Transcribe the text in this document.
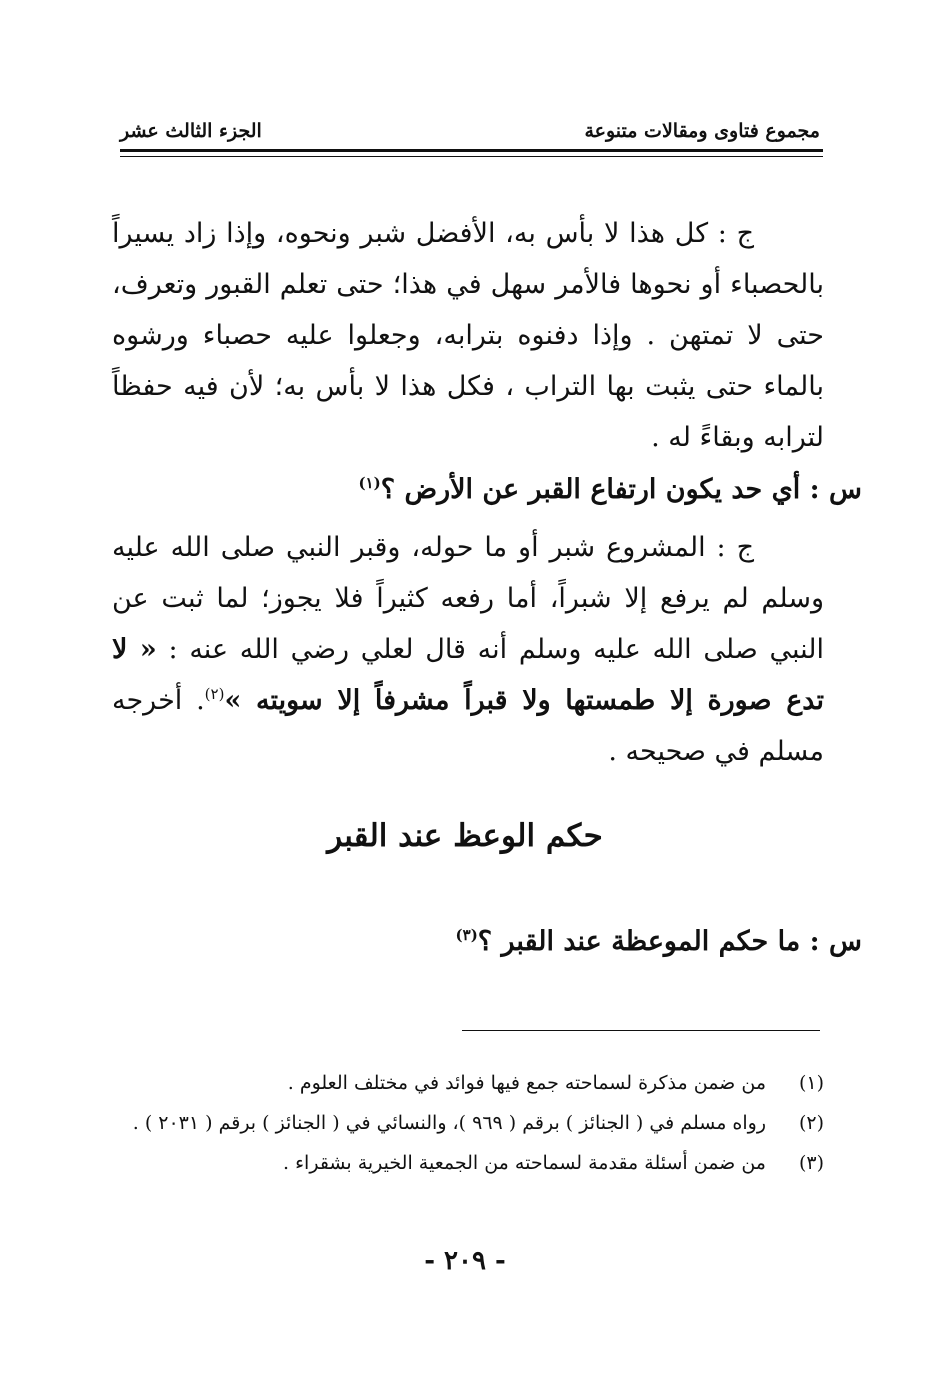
مجموع فتاوى ومقالات متنوعة
الجزء الثالث عشر

ج : كل هذا لا بأس به، الأفضل شبر ونحوه، وإذا زاد يسيراً بالحصباء أو نحوها فالأمر سهل في هذا؛ حتى تعلم القبور وتعرف، حتى لا تمتهن . وإذا دفنوه بترابه، وجعلوا عليه حصباء ورشوه بالماء حتى يثبت بها التراب ، فكل هذا لا بأس به؛ لأن فيه حفظاً لترابه وبقاءً له .

س : أي حد يكون ارتفاع القبر عن الأرض ؟$^{(١)}$

ج : المشروع شبر أو ما حوله، وقبر النبي صلى الله عليه وسلم لم يرفع إلا شبراً، أما رفعه كثيراً فلا يجوز؛ لما ثبت عن النبي صلى الله عليه وسلم أنه قال لعلي رضي الله عنه : « لا تدع صورة إلا طمستها ولا قبراً مشرفاً إلا سويته »$^{(٢)}$. أخرجه مسلم في صحيحه .

حكم الوعظ عند القبر
س : ما حكم الموعظة عند القبر ؟$^{(٣)}$
(١)
من ضمن مذكرة لسماحته جمع فيها فوائد في مختلف العلوم .
(٢)
رواه مسلم في ( الجنائز ) برقم ( ٩٦٩ )، والنسائي في ( الجنائز ) برقم ( ٢٠٣١ ) .
(٣)
من ضمن أسئلة مقدمة لسماحته من الجمعية الخيرية بشقراء .
- ٢٠٩ -
